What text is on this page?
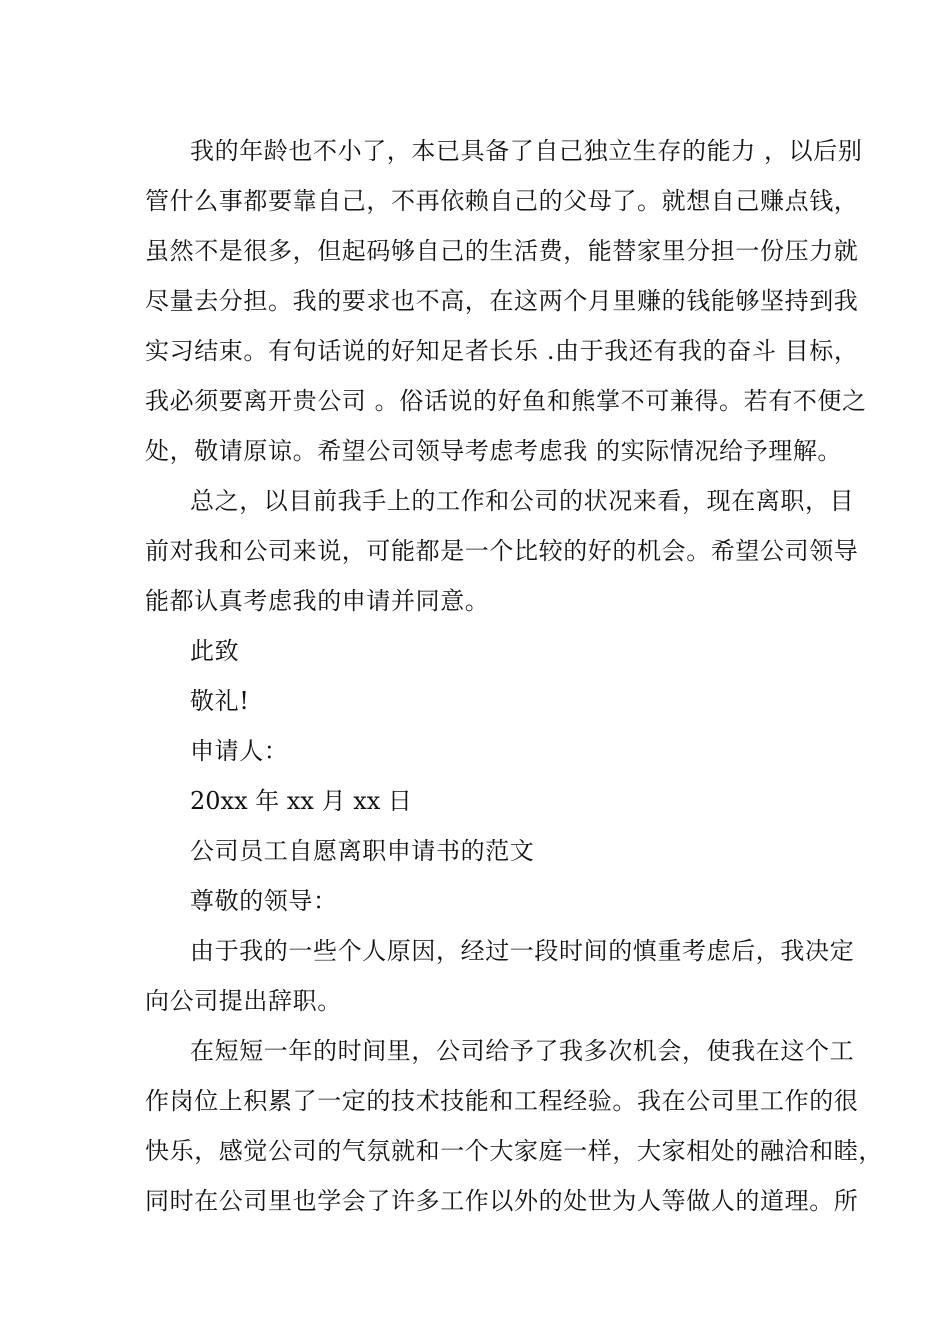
我的年龄也不小了，本已具备了自己独立生存的能力 ，以后别
管什么事都要靠自己，不再依赖自己的父母了。就想自己赚点钱，
虽然不是很多，但起码够自己的生活费，能替家里分担一份压力就
尽量去分担。我的要求也不高，在这两个月里赚的钱能够坚持到我
实习结束。有句话说的好知足者长乐 .由于我还有我的奋斗 目标，
我必须要离开贵公司 。俗话说的好鱼和熊掌不可兼得。若有不便之
处，敬请原谅。希望公司领导考虑考虑我 的实际情况给予理解。
总之，以目前我手上的工作和公司的状况来看，现在离职，目
前对我和公司来说，可能都是一个比较的好的机会。希望公司领导
能都认真考虑我的申请并同意。
此致
敬礼!
申请人：
20xx 年 xx 月 xx 日
公司员工自愿离职申请书的范文
尊敬的领导：
由于我的一些个人原因，经过一段时间的慎重考虑后，我决定
向公司提出辞职。
在短短一年的时间里，公司给予了我多次机会，使我在这个工
作岗位上积累了一定的技术技能和工程经验。我在公司里工作的很
快乐，感觉公司的气氛就和一个大家庭一样，大家相处的融洽和睦，
同时在公司里也学会了许多工作以外的处世为人等做人的道理。所
